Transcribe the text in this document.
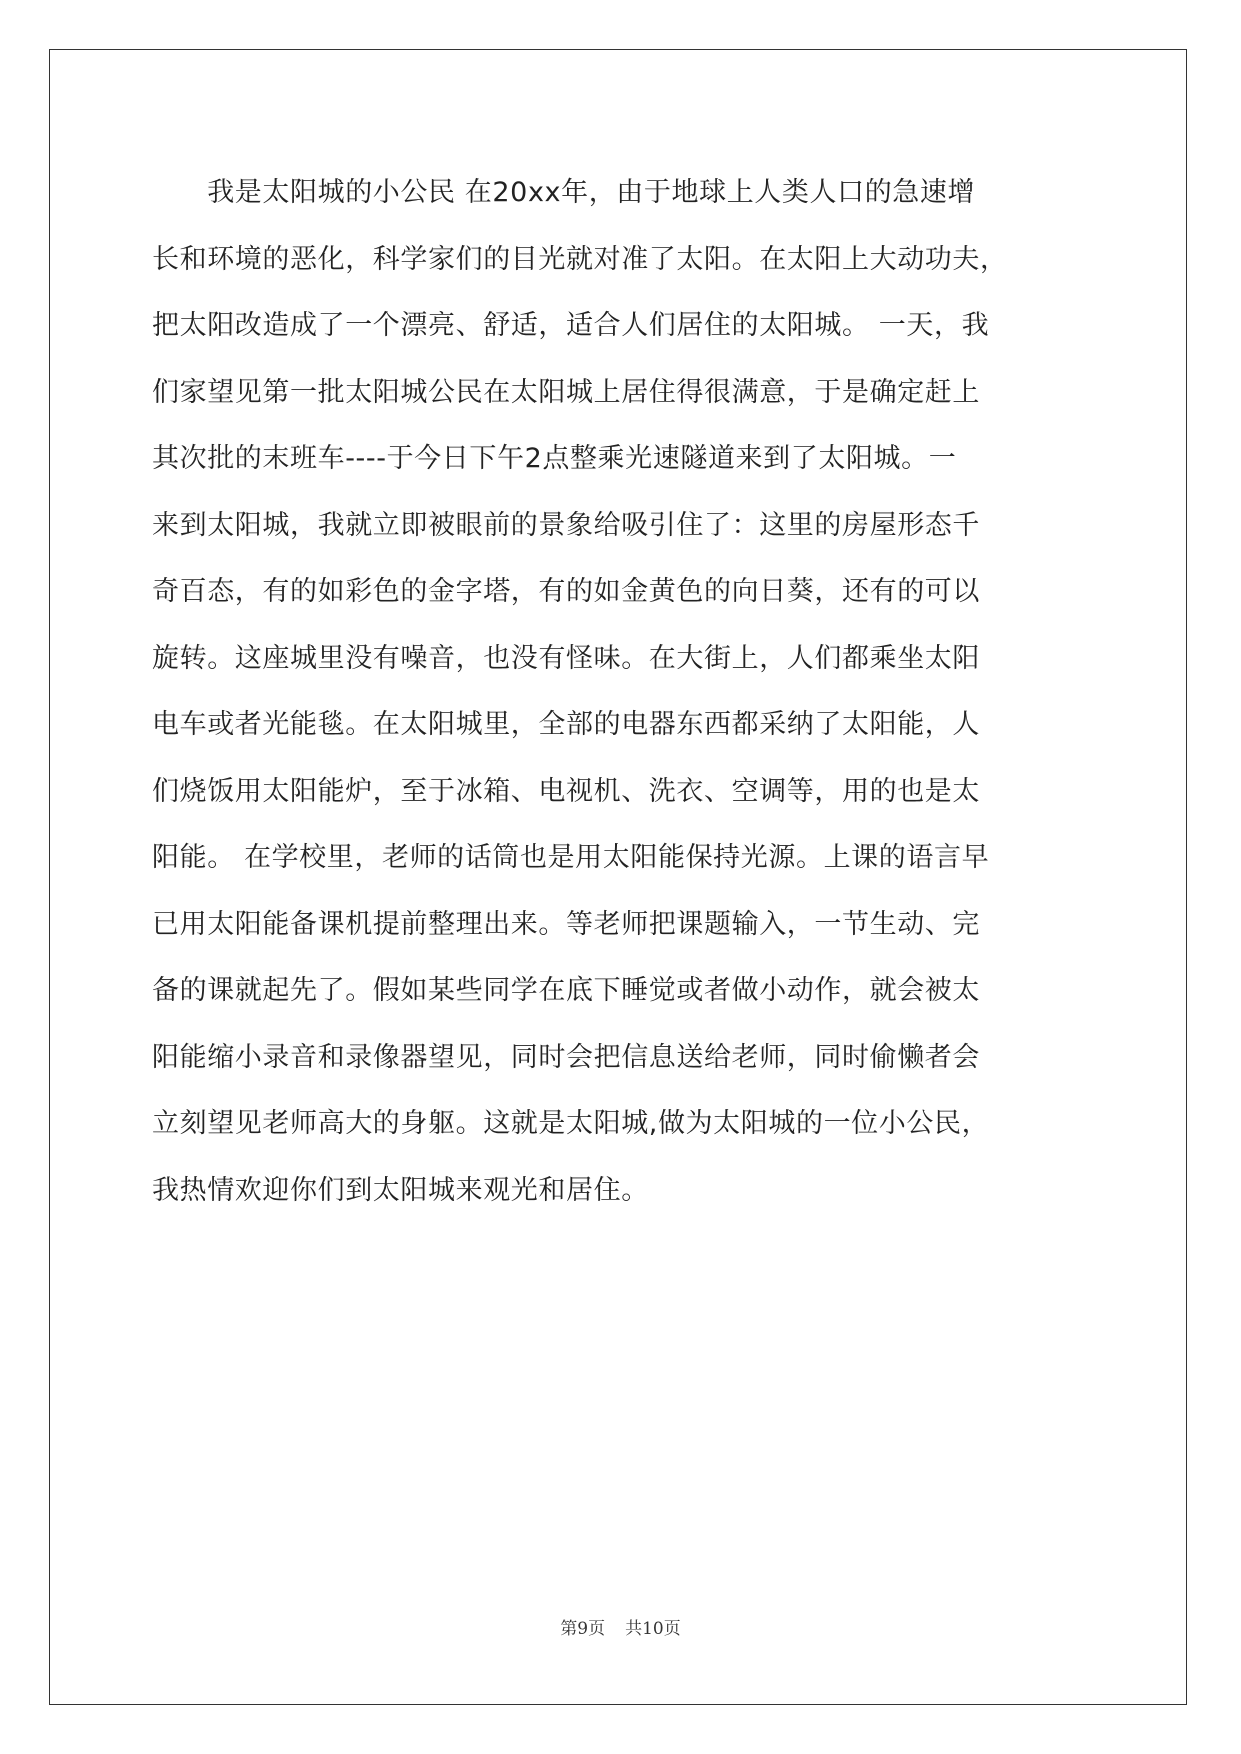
　　我是太阳城的小公民 在20xx年，由于地球上人类人口的急速增
长和环境的恶化，科学家们的目光就对准了太阳。在太阳上大动功夫，
把太阳改造成了一个漂亮、舒适，适合人们居住的太阳城。 一天，我
们家望见第一批太阳城公民在太阳城上居住得很满意，于是确定赶上
其次批的末班车----于今日下午2点整乘光速隧道来到了太阳城。一
来到太阳城，我就立即被眼前的景象给吸引住了：这里的房屋形态千
奇百态，有的如彩色的金字塔，有的如金黄色的向日葵，还有的可以
旋转。这座城里没有噪音，也没有怪味。在大街上，人们都乘坐太阳
电车或者光能毯。在太阳城里，全部的电器东西都采纳了太阳能，人
们烧饭用太阳能炉，至于冰箱、电视机、洗衣、空调等，用的也是太
阳能。 在学校里，老师的话筒也是用太阳能保持光源。上课的语言早
已用太阳能备课机提前整理出来。等老师把课题输入，一节生动、完
备的课就起先了。假如某些同学在底下睡觉或者做小动作，就会被太
阳能缩小录音和录像器望见，同时会把信息送给老师，同时偷懒者会
立刻望见老师高大的身躯。这就是太阳城,做为太阳城的一位小公民，
我热情欢迎你们到太阳城来观光和居住。
第9页 共10页
